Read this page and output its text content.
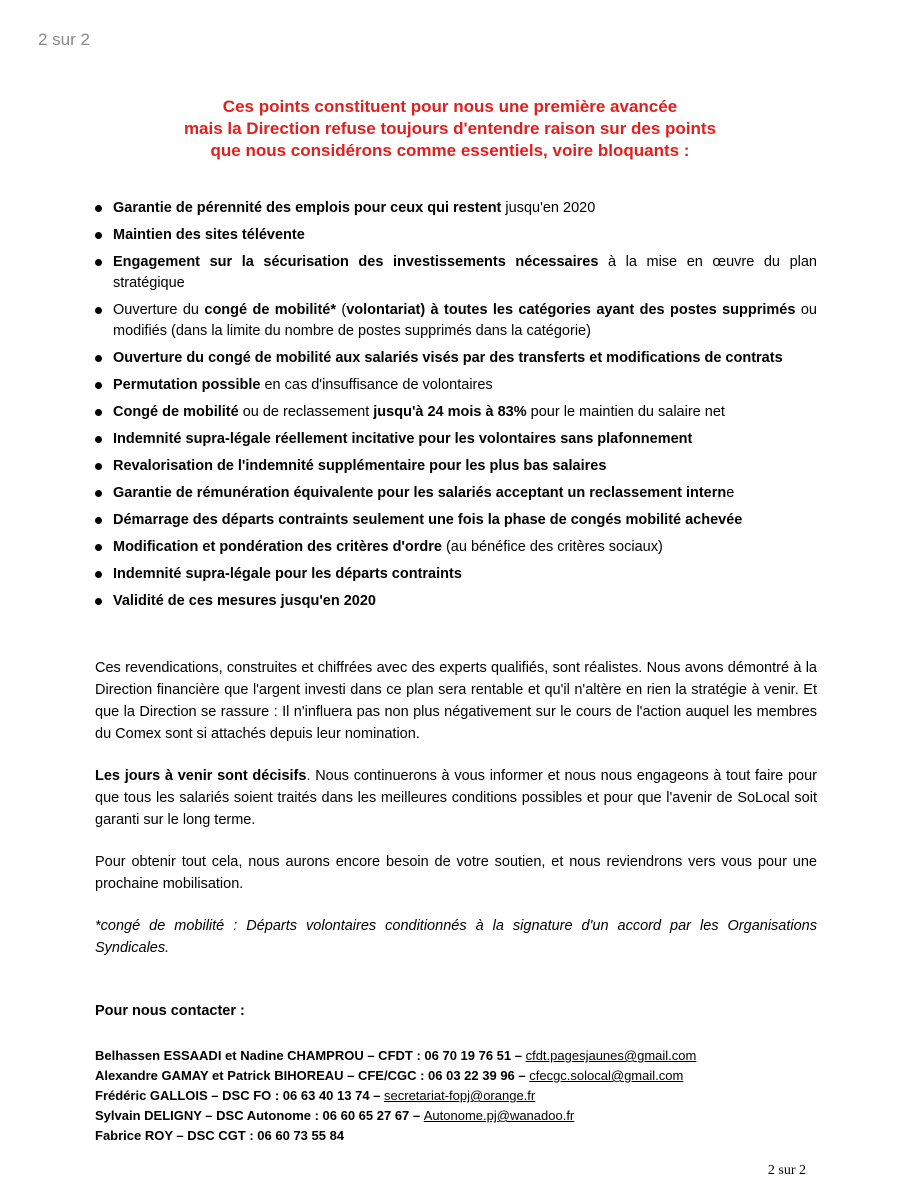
2 sur 2
Ces points constituent pour nous une première avancée
mais la Direction refuse toujours d'entendre raison sur des points
que nous considérons comme essentiels, voire bloquants :
Garantie de pérennité des emplois pour ceux qui restent jusqu'en 2020
Maintien des sites télévente
Engagement sur la sécurisation des investissements nécessaires à la mise en œuvre du plan stratégique
Ouverture du congé de mobilité* (volontariat) à toutes les catégories ayant des postes supprimés ou modifiés (dans la limite du nombre de postes supprimés dans la catégorie)
Ouverture du congé de mobilité aux salariés visés par des transferts et modifications de contrats
Permutation possible en cas d'insuffisance de volontaires
Congé de mobilité ou de reclassement jusqu'à 24 mois à 83% pour le maintien du salaire net
Indemnité supra-légale réellement incitative pour les volontaires sans plafonnement
Revalorisation de l'indemnité supplémentaire pour les plus bas salaires
Garantie de rémunération équivalente pour les salariés acceptant un reclassement interne
Démarrage des départs contraints seulement une fois la phase de congés mobilité achevée
Modification et pondération des critères d'ordre (au bénéfice des critères sociaux)
Indemnité supra-légale pour les départs contraints
Validité de ces mesures jusqu'en 2020
Ces revendications, construites et chiffrées avec des experts qualifiés, sont réalistes. Nous avons démontré à la Direction financière que l'argent investi dans ce plan sera rentable et qu'il n'altère en rien la stratégie à venir. Et que la Direction se rassure : Il n'influera pas non plus négativement sur le cours de l'action auquel les membres du Comex sont si attachés depuis leur nomination.
Les jours à venir sont décisifs. Nous continuerons à vous informer et nous nous engageons à tout faire pour que tous les salariés soient traités dans les meilleures conditions possibles et pour que l'avenir de SoLocal soit garanti sur le long terme.
Pour obtenir tout cela, nous aurons encore besoin de votre soutien, et nous reviendrons vers vous pour une prochaine mobilisation.
*congé de mobilité : Départs volontaires conditionnés à la signature d'un accord par les Organisations Syndicales.
Pour nous contacter :
Belhassen ESSAADI et Nadine CHAMPROU – CFDT : 06 70 19 76 51 – cfdt.pagesjaunes@gmail.com
Alexandre GAMAY et Patrick BIHOREAU – CFE/CGC : 06 03 22 39 96 – cfecgc.solocal@gmail.com
Frédéric GALLOIS – DSC FO : 06 63 40 13 74 – secretariat-fopj@orange.fr
Sylvain DELIGNY – DSC Autonome : 06 60 65 27 67 – Autonome.pj@wanadoo.fr
Fabrice ROY – DSC CGT : 06 60 73 55 84
2 sur 2
